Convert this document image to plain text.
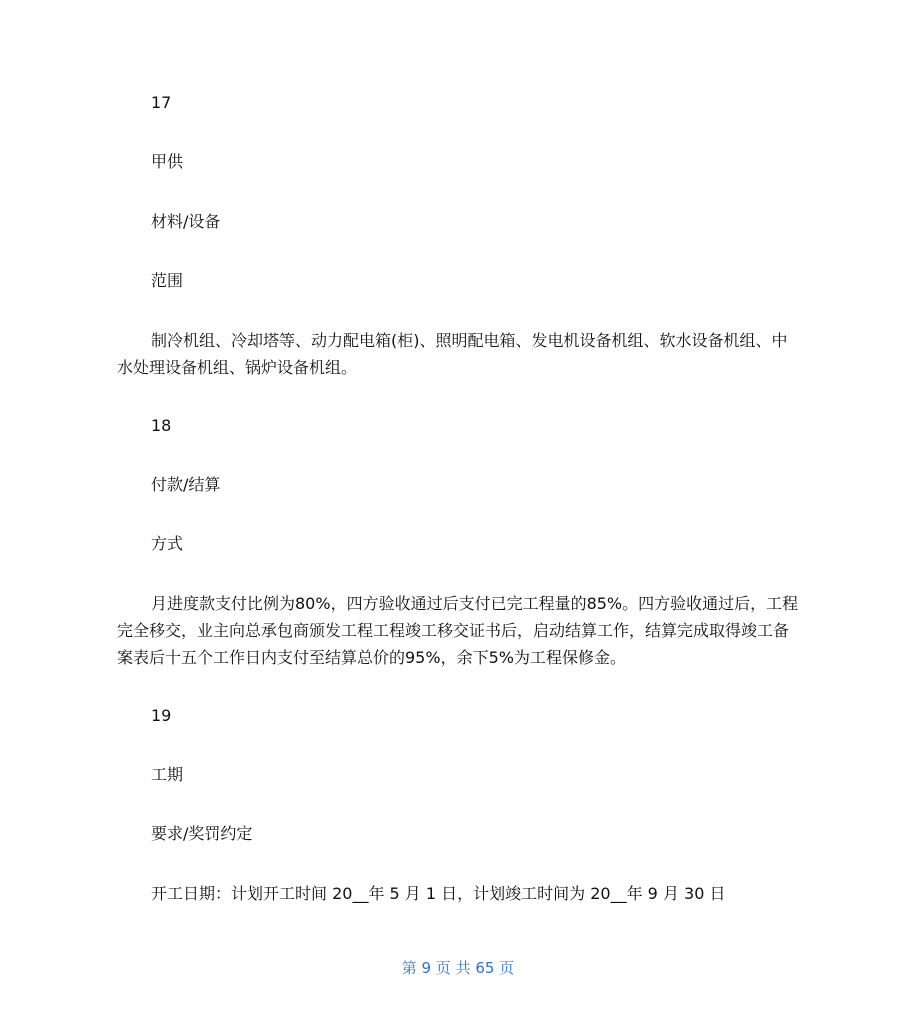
17

甲供

材料/设备

范围

制冷机组、冷却塔等、动力配电箱(柜)、照明配电箱、发电机设备机组、软水设备机组、中水处理设备机组、锅炉设备机组。

18

付款/结算

方式

月进度款支付比例为80%，四方验收通过后支付已完工程量的85%。四方验收通过后，工程完全移交，业主向总承包商颁发工程工程竣工移交证书后，启动结算工作，结算完成取得竣工备案表后十五个工作日内支付至结算总价的95%，余下5%为工程保修金。

19

工期

要求/奖罚约定

开工日期：计划开工时间 20__年 5 月 1 日，计划竣工时间为 20__年 9 月 30 日

第 9 页 共 65 页
